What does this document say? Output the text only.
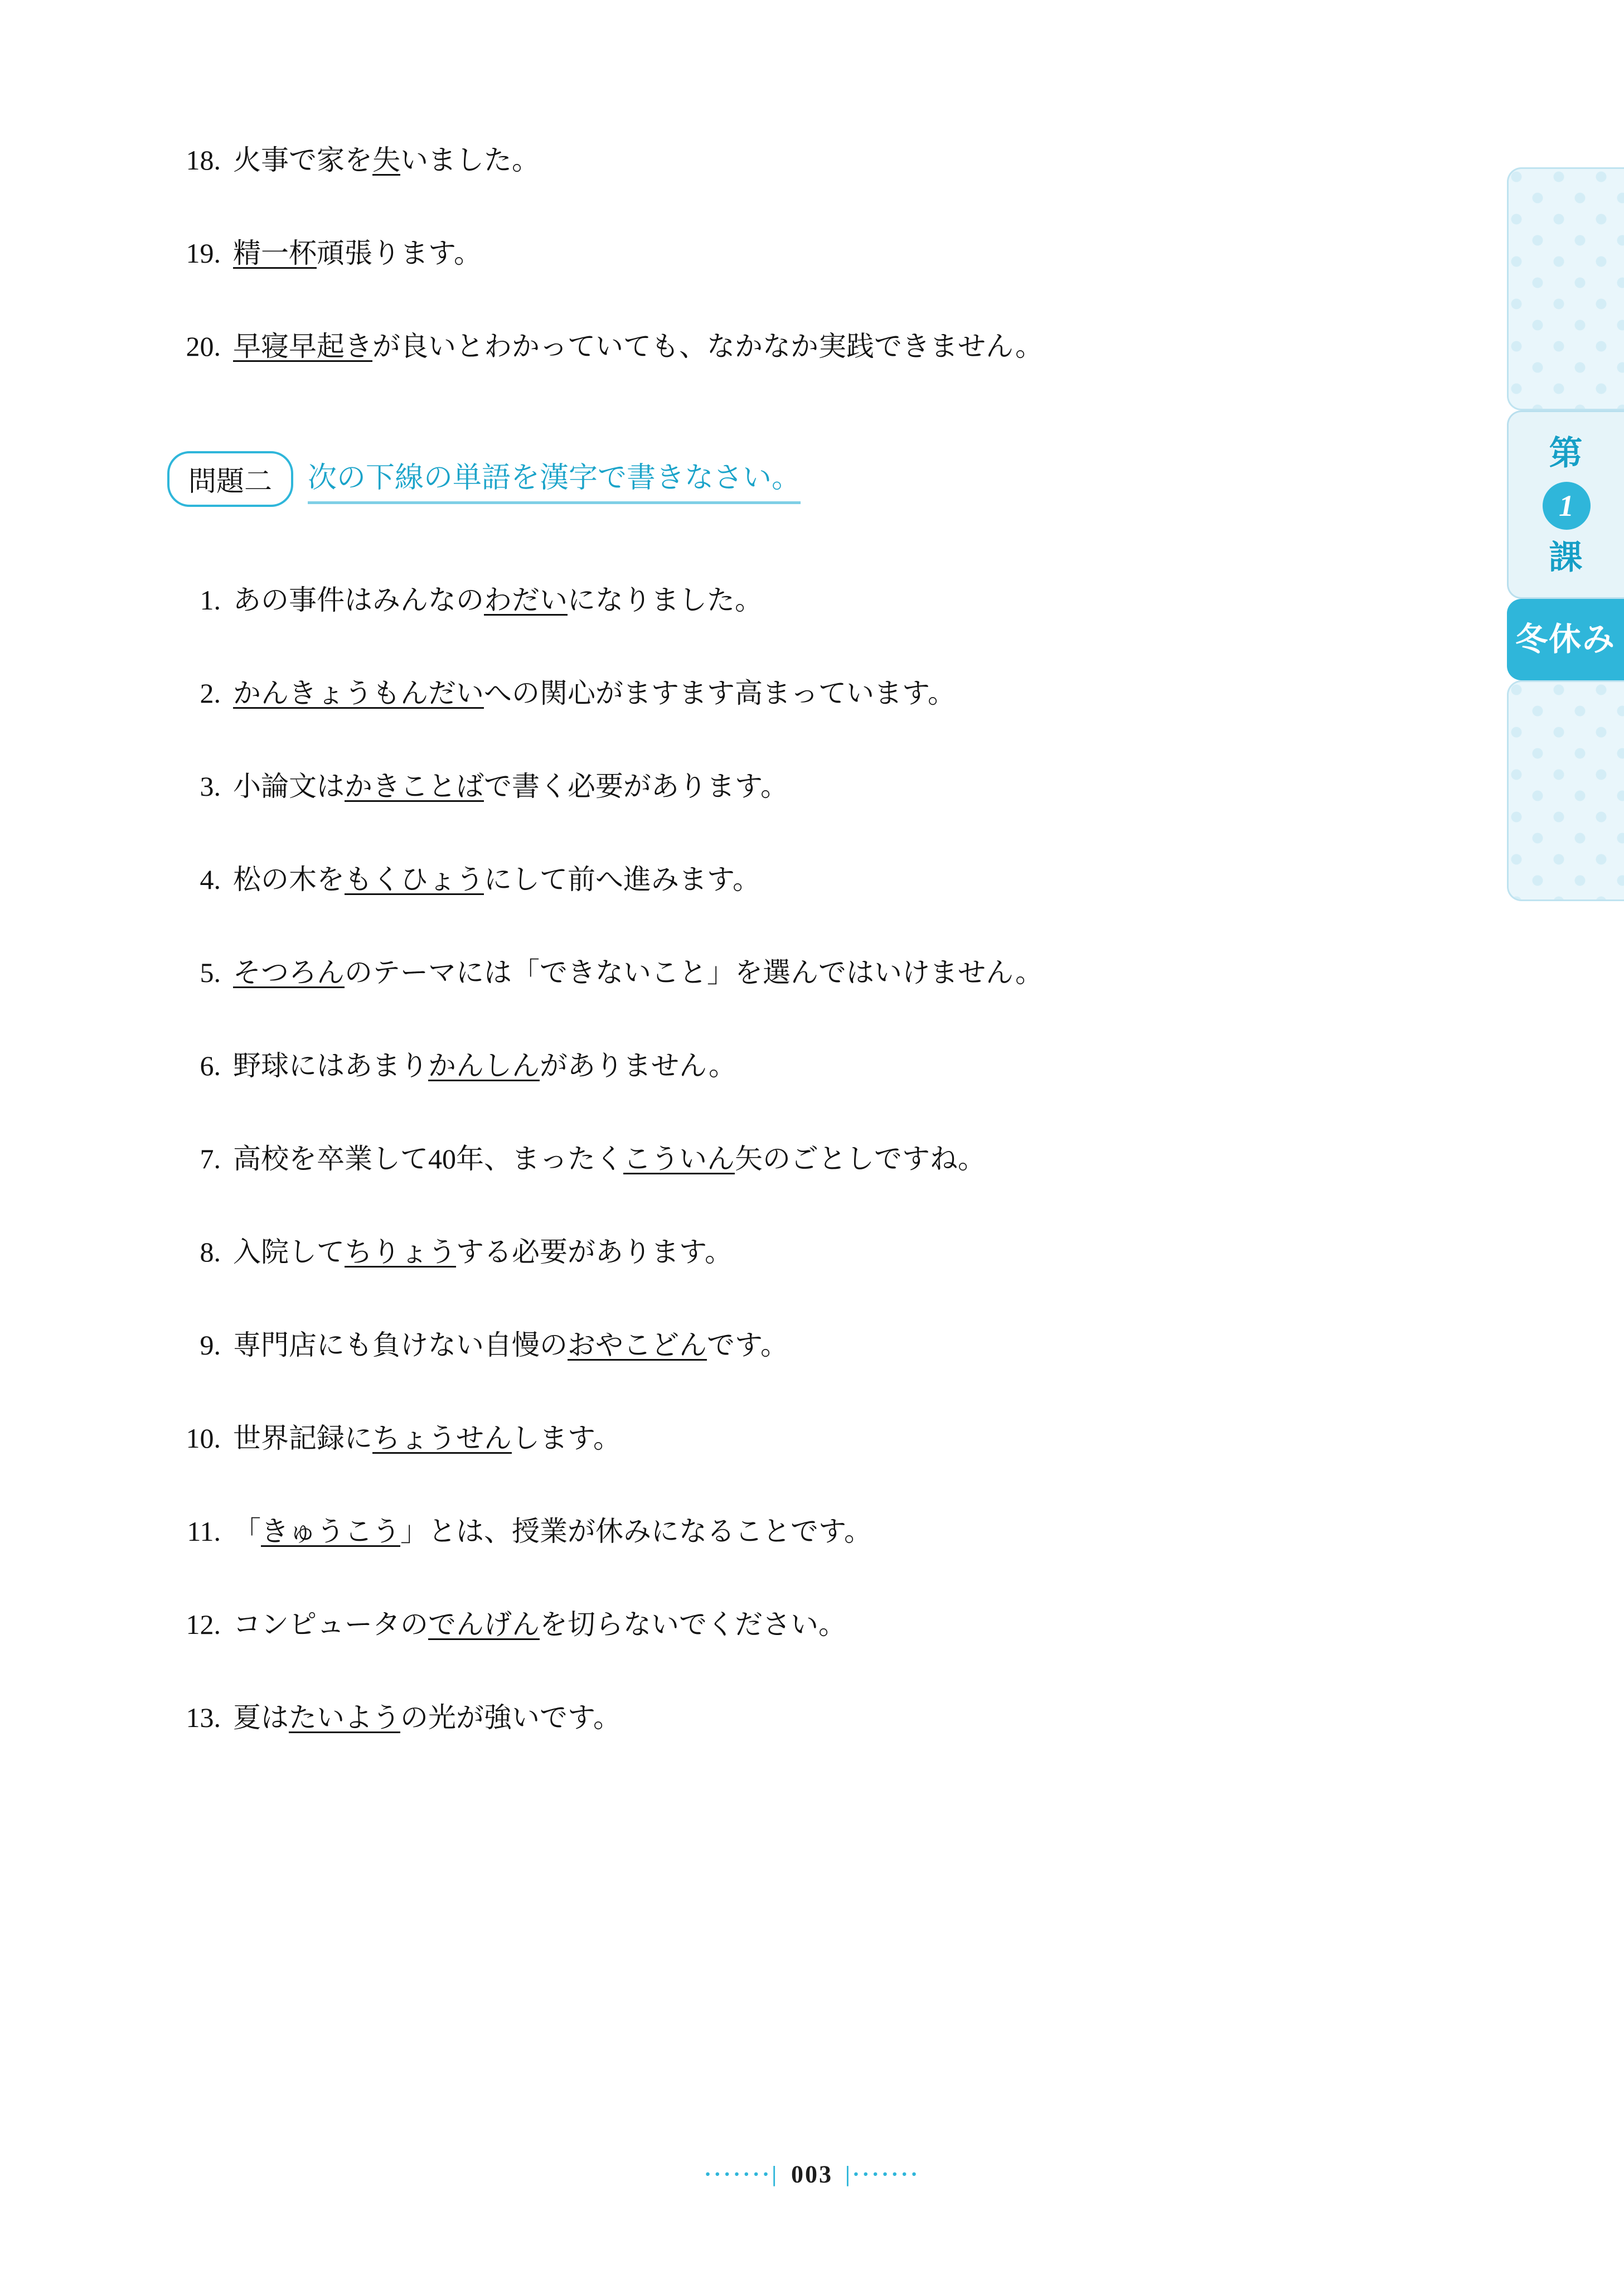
第
1
課
冬休み

18. 火事で家を失いました。

19. 精一杯頑張ります。

20. 早寝早起きが良いとわかっていても、なかなか実践できません。

問題二 次の下線の単語を漢字で書きなさい。

1. あの事件はみんなのわだいになりました。

2. かんきょうもんだいへの関心がますます高まっています。

3. 小論文はかきことばで書く必要があります。

4. 松の木をもくひょうにして前へ進みます。

5. そつろんのテーマには「できないこと」を選んではいけません。

6. 野球にはあまりかんしんがありません。

7. 高校を卒業して40年、まったくこういん矢のごとしですね。

8. 入院してちりょうする必要があります。

9. 専門店にも負けない自慢のおやこどんです。

10. 世界記録にちょうせんします。

11. 「きゅうこう」とは、授業が休みになることです。

12. コンピュータのでんげんを切らないでください。

13. 夏はたいようの光が強いです。

·······| 003 |·······
